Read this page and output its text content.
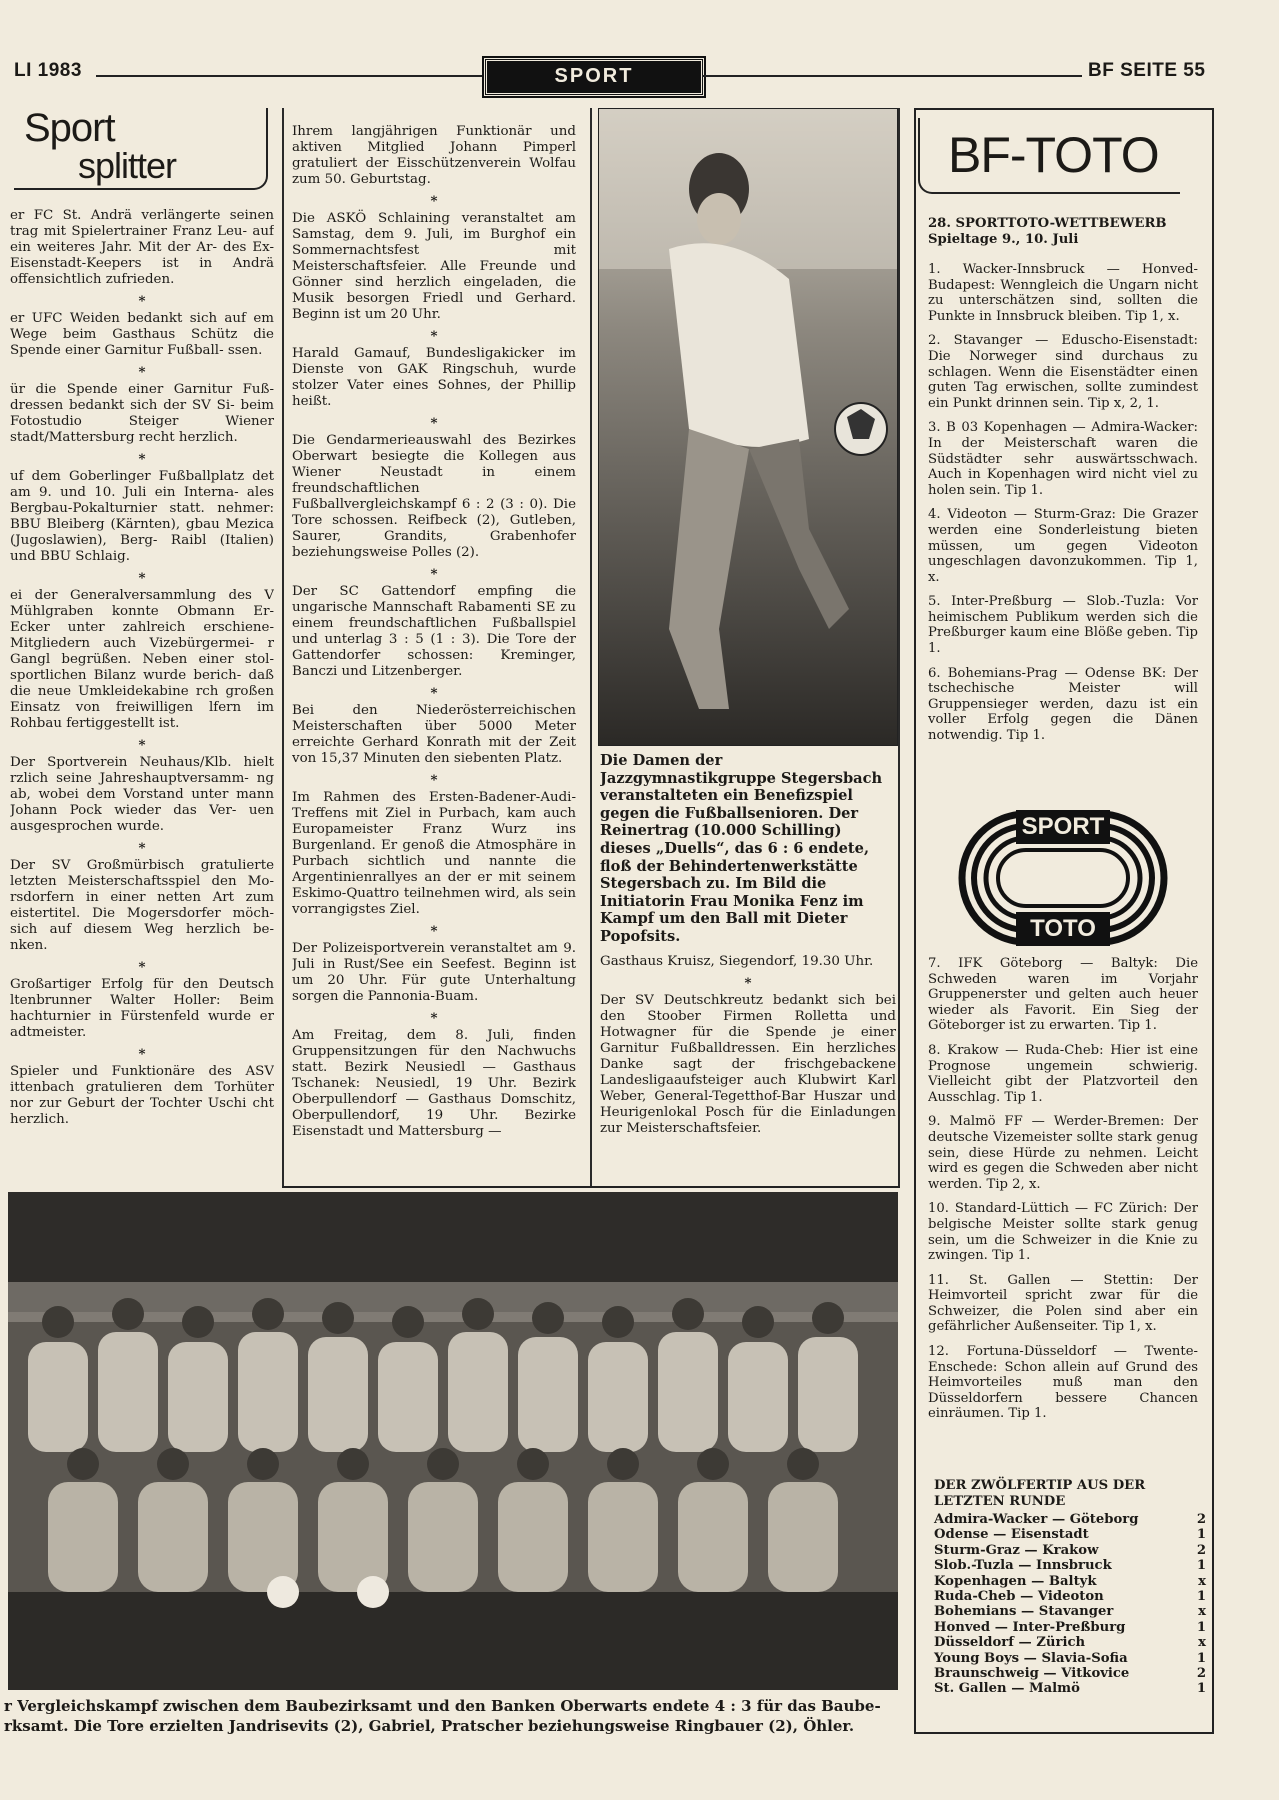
LI 1983	SPORT	BF SEITE 55
Sport
splitter

er FC St. Andrä verlängerte seinen trag mit Spielertrainer Franz Leu- auf ein weiteres Jahr. Mit der Ar- des Ex-Eisenstadt-Keepers ist in Andrä offensichtlich zufrieden.

*

er UFC Weiden bedankt sich auf em Wege beim Gasthaus Schütz die Spende einer Garnitur Fußball- ssen.

*

ür die Spende einer Garnitur Fuß- dressen bedankt sich der SV Si- beim Fotostudio Steiger Wiener stadt/Mattersburg recht herzlich.

*

uf dem Goberlinger Fußballplatz det am 9. und 10. Juli ein Interna- ales Bergbau-Pokalturnier statt. nehmer: BBU Bleiberg (Kärnten), gbau Mezica (Jugoslawien), Berg- Raibl (Italien) und BBU Schlaig.

*

ei der Generalversammlung des V Mühlgraben konnte Obmann Er- Ecker unter zahlreich erschiene- Mitgliedern auch Vizebürgermei- r Gangl begrüßen. Neben einer stol- sportlichen Bilanz wurde berich- daß die neue Umkleidekabine rch großen Einsatz von freiwilligen lfern im Rohbau fertiggestellt ist.

*

Der Sportverein Neuhaus/Klb. hielt rzlich seine Jahreshauptversamm- ng ab, wobei dem Vorstand unter mann Johann Pock wieder das Ver- uen ausgesprochen wurde.

*

Der SV Großmürbisch gratulierte letzten Meisterschaftsspiel den Mo- rsdorfern in einer netten Art zum eistertitel. Die Mogersdorfer möch- sich auf diesem Weg herzlich be- nken.

*

Großartiger Erfolg für den Deutsch ltenbrunner Walter Holler: Beim hachturnier in Fürstenfeld wurde er adtmeister.

*

Spieler und Funktionäre des ASV ittenbach gratulieren dem Torhüter nor zur Geburt der Tochter Uschi cht herzlich.

Ihrem langjährigen Funktionär und aktiven Mitglied Johann Pimperl gratuliert der Eisschützenverein Wolfau zum 50. Geburtstag.

*

Die ASKÖ Schlaining veranstaltet am Samstag, dem 9. Juli, im Burghof ein Sommernachtsfest mit Meisterschaftsfeier. Alle Freunde und Gönner sind herzlich eingeladen, die Musik besorgen Friedl und Gerhard. Beginn ist um 20 Uhr.

*

Harald Gamauf, Bundesligakicker im Dienste von GAK Ringschuh, wurde stolzer Vater eines Sohnes, der Phillip heißt.

*

Die Gendarmerieauswahl des Bezirkes Oberwart besiegte die Kollegen aus Wiener Neustadt in einem freundschaftlichen Fußballvergleichskampf 6 : 2 (3 : 0). Die Tore schossen. Reifbeck (2), Gutleben, Saurer, Grandits, Grabenhofer beziehungsweise Polles (2).

*

Der SC Gattendorf empfing die ungarische Mannschaft Rabamenti SE zu einem freundschaftlichen Fußballspiel und unterlag 3 : 5 (1 : 3). Die Tore der Gattendorfer schossen: Kreminger, Banczi und Litzenberger.

*

Bei den Niederösterreichischen Meisterschaften über 5000 Meter erreichte Gerhard Konrath mit der Zeit von 15,37 Minuten den siebenten Platz.

*

Im Rahmen des Ersten-Badener-Audi-Treffens mit Ziel in Purbach, kam auch Europameister Franz Wurz ins Burgenland. Er genoß die Atmosphäre in Purbach sichtlich und nannte die Argentinienrallyes an der er mit seinem Eskimo-Quattro teilnehmen wird, als sein vorrangigstes Ziel.

*

Der Polizeisportverein veranstaltet am 9. Juli in Rust/See ein Seefest. Beginn ist um 20 Uhr. Für gute Unterhaltung sorgen die Pannonia-Buam.

*

Am Freitag, dem 8. Juli, finden Gruppensitzungen für den Nachwuchs statt. Bezirk Neusiedl — Gasthaus Tschanek: Neusiedl, 19 Uhr. Bezirk Oberpullendorf — Gasthaus Domschitz, Oberpullendorf, 19 Uhr. Bezirke Eisenstadt und Mattersburg —

Die Damen der Jazzgymnastikgruppe Stegersbach veranstalteten ein Benefizspiel gegen die Fußballsenioren. Der Reinertrag (10.000 Schilling) dieses „Duells“, das 6 : 6 endete, floß der Behindertenwerkstätte Stegersbach zu. Im Bild die Initiatorin Frau Monika Fenz im Kampf um den Ball mit Dieter Popofsits.

Gasthaus Kruisz, Siegendorf, 19.30 Uhr.

*

Der SV Deutschkreutz bedankt sich bei den Stoober Firmen Rolletta und Hotwagner für die Spende je einer Garnitur Fußballdressen. Ein herzliches Danke sagt der frischgebackene Landesligaaufsteiger auch Klubwirt Karl Weber, General-Tegetthof-Bar Huszar und Heurigenlokal Posch für die Einladungen zur Meisterschaftsfeier.

r Vergleichskampf zwischen dem Baubezirksamt und den Banken Oberwarts endete 4 : 3 für das Baube-
rksamt. Die Tore erzielten Jandrisevits (2), Gabriel, Pratscher beziehungsweise Ringbauer (2), Öhler.
BF-TOTO
28. SPORTTOTO-WETTBEWERB
Spieltage 9., 10. Juli

1. Wacker-Innsbruck — Honved-Budapest: Wenngleich die Ungarn nicht zu unterschätzen sind, sollten die Punkte in Innsbruck bleiben. Tip 1, x.

2. Stavanger — Eduscho-Eisenstadt: Die Norweger sind durchaus zu schlagen. Wenn die Eisenstädter einen guten Tag erwischen, sollte zumindest ein Punkt drinnen sein. Tip x, 2, 1.

3. B 03 Kopenhagen — Admira-Wacker: In der Meisterschaft waren die Südstädter sehr auswärtsschwach. Auch in Kopenhagen wird nicht viel zu holen sein. Tip 1.

4. Videoton — Sturm-Graz: Die Grazer werden eine Sonderleistung bieten müssen, um gegen Videoton ungeschlagen davonzukommen. Tip 1, x.

5. Inter-Preßburg — Slob.-Tuzla: Vor heimischem Publikum werden sich die Preßburger kaum eine Blöße geben. Tip 1.

6. Bohemians-Prag — Odense BK: Der tschechische Meister will Gruppensieger werden, dazu ist ein voller Erfolg gegen die Dänen notwendig. Tip 1.

SPORT
TOTO

7. IFK Göteborg — Baltyk: Die Schweden waren im Vorjahr Gruppenerster und gelten auch heuer wieder als Favorit. Ein Sieg der Göteborger ist zu erwarten. Tip 1.

8. Krakow — Ruda-Cheb: Hier ist eine Prognose ungemein schwierig. Vielleicht gibt der Platzvorteil den Ausschlag. Tip 1.

9. Malmö FF — Werder-Bremen: Der deutsche Vizemeister sollte stark genug sein, diese Hürde zu nehmen. Leicht wird es gegen die Schweden aber nicht werden. Tip 2, x.

10. Standard-Lüttich — FC Zürich: Der belgische Meister sollte stark genug sein, um die Schweizer in die Knie zu zwingen. Tip 1.

11. St. Gallen — Stettin: Der Heimvorteil spricht zwar für die Schweizer, die Polen sind aber ein gefährlicher Außenseiter. Tip 1, x.

12. Fortuna-Düsseldorf — Twente-Enschede: Schon allein auf Grund des Heimvorteiles muß man den Düsseldorfern bessere Chancen einräumen. Tip 1.

DER ZWÖLFERTIP AUS DER LETZTEN RUNDE
Admira-Wacker — Göteborg	2
Odense — Eisenstadt	1
Sturm-Graz — Krakow	2
Slob.-Tuzla — Innsbruck	1
Kopenhagen — Baltyk	x
Ruda-Cheb — Videoton	1
Bohemians — Stavanger	x
Honved — Inter-Preßburg	1
Düsseldorf — Zürich	x
Young Boys — Slavia-Sofia	1
Braunschweig — Vitkovice	2
St. Gallen — Malmö	1
